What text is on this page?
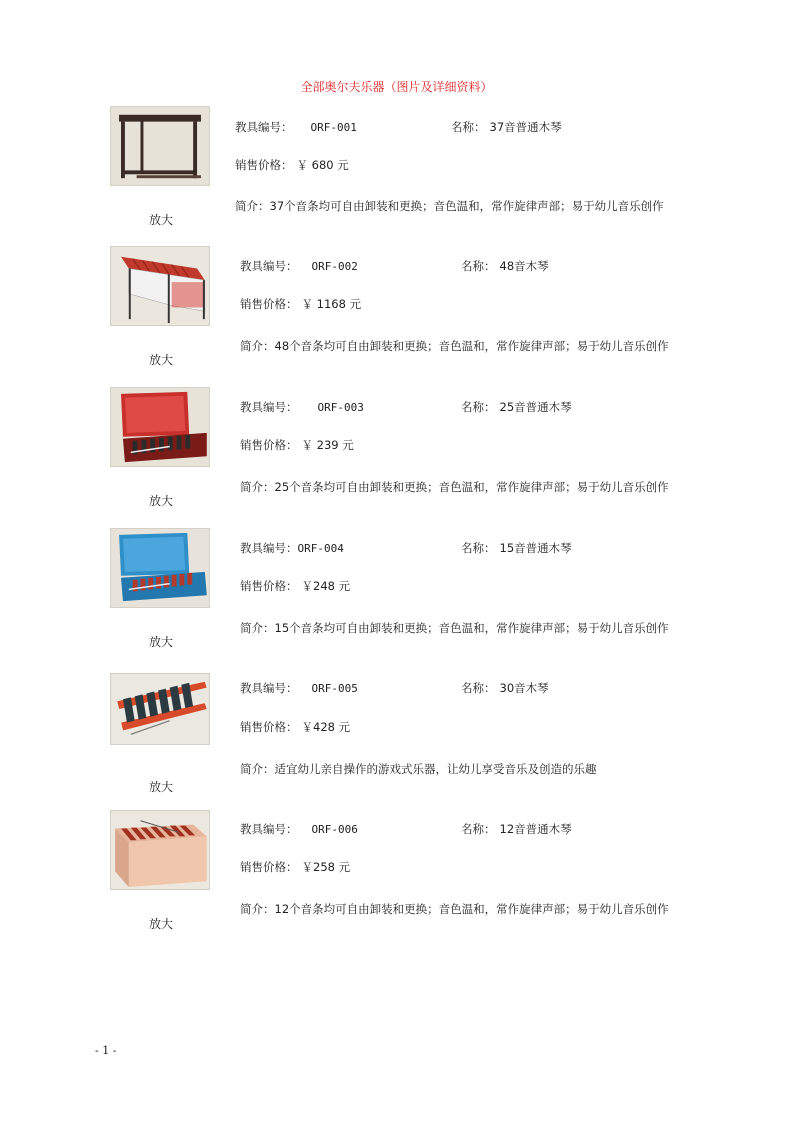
全部奥尔夫乐器（图片及详细资料）
放大
教具编号： ORF-001	名称： 37音普通木琴
销售价格： ￥ 680 元
简介：37个音条均可自由卸装和更换；音色温和，常作旋律声部；易于幼儿音乐创作
放大
教具编号： ORF-002	名称： 48音木琴
销售价格： ￥ 1168 元
简介：48个音条均可自由卸装和更换；音色温和，常作旋律声部；易于幼儿音乐创作
放大
教具编号： ORF-003	名称： 25音普通木琴
销售价格： ￥ 239 元
简介：25个音条均可自由卸装和更换；音色温和，常作旋律声部；易于幼儿音乐创作
放大
教具编号：ORF-004	名称： 15音普通木琴
销售价格： ￥248 元
简介：15个音条均可自由卸装和更换；音色温和，常作旋律声部；易于幼儿音乐创作
放大
教具编号： ORF-005	名称： 30音木琴
销售价格： ￥428 元
简介：适宜幼儿亲自操作的游戏式乐器，让幼儿享受音乐及创造的乐趣
放大
教具编号： ORF-006	名称： 12音普通木琴
销售价格： ￥258 元
简介：12个音条均可自由卸装和更换；音色温和，常作旋律声部；易于幼儿音乐创作
- 1 -
